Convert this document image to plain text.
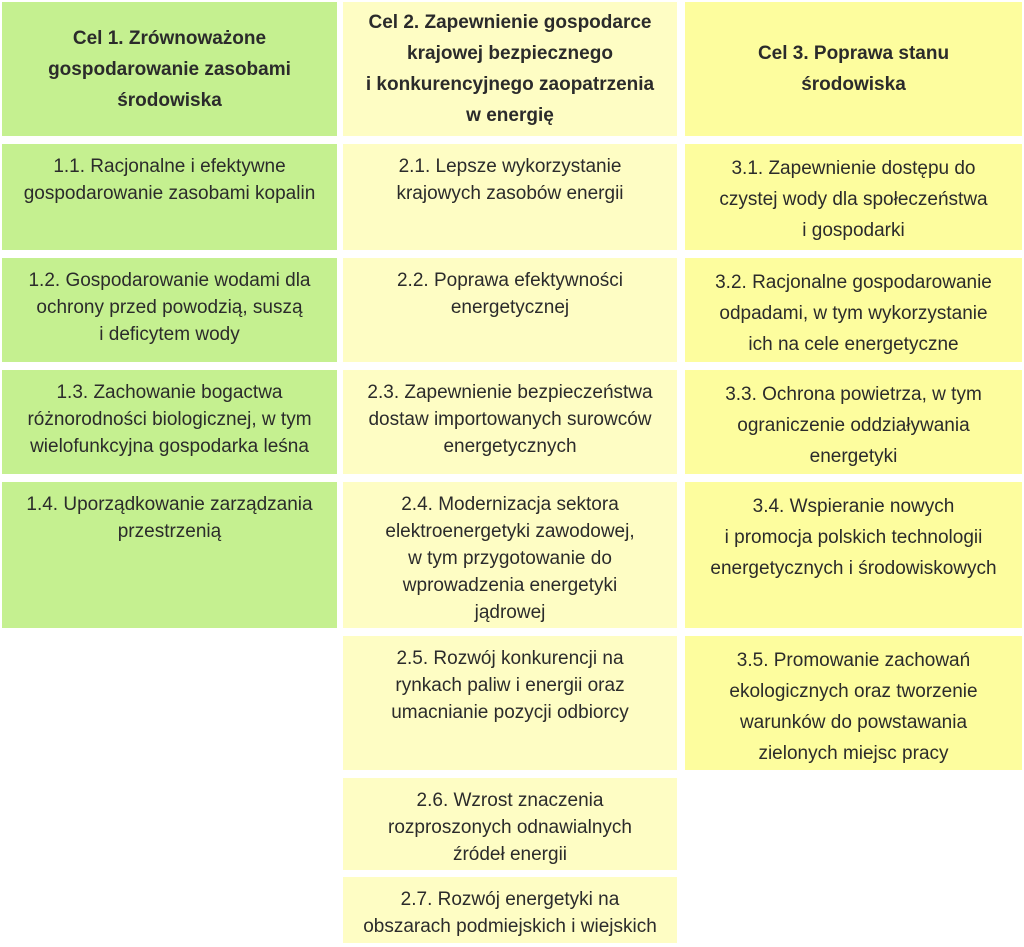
Cel 1. Zrównoważone
gospodarowanie zasobami
środowiska
1.1. Racjonalne i efektywne
gospodarowanie zasobami kopalin
1.2. Gospodarowanie wodami dla
ochrony przed powodzią, suszą
i deficytem wody
1.3. Zachowanie bogactwa
różnorodności biologicznej, w tym
wielofunkcyjna gospodarka leśna
1.4. Uporządkowanie zarządzania
przestrzenią
Cel 2. Zapewnienie gospodarce
krajowej bezpiecznego
i konkurencyjnego zaopatrzenia
w energię
2.1. Lepsze wykorzystanie
krajowych zasobów energii
2.2. Poprawa efektywności
energetycznej
2.3. Zapewnienie bezpieczeństwa
dostaw importowanych surowców
energetycznych
2.4. Modernizacja sektora
elektroenergetyki zawodowej,
w tym przygotowanie do
wprowadzenia energetyki
jądrowej
2.5. Rozwój konkurencji na
rynkach paliw i energii oraz
umacnianie pozycji odbiorcy
2.6. Wzrost znaczenia
rozproszonych odnawialnych
źródeł energii
2.7. Rozwój energetyki na
obszarach podmiejskich i wiejskich
Cel 3. Poprawa stanu
środowiska
3.1. Zapewnienie dostępu do
czystej wody dla społeczeństwa
i gospodarki
3.2. Racjonalne gospodarowanie
odpadami, w tym wykorzystanie
ich na cele energetyczne
3.3. Ochrona powietrza, w tym
ograniczenie oddziaływania
energetyki
3.4. Wspieranie nowych
i promocja polskich technologii
energetycznych i środowiskowych
3.5. Promowanie zachowań
ekologicznych oraz tworzenie
warunków do powstawania
zielonych miejsc pracy
